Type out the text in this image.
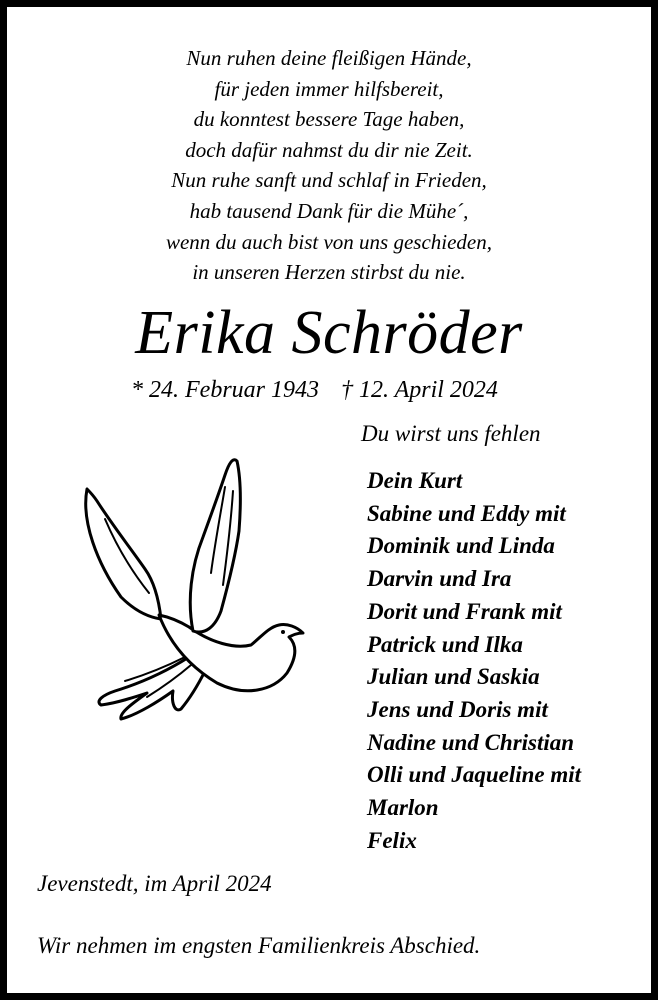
Nun ruhen deine fleißigen Hände,
für jeden immer hilfsbereit,
du konntest bessere Tage haben,
doch dafür nahmst du dir nie Zeit.
Nun ruhe sanft und schlaf in Frieden,
hab tausend Dank für die Mühe´,
wenn du auch bist von uns geschieden,
in unseren Herzen stirbst du nie.
Erika Schröder
* 24. Februar 1943 † 12. April 2024
Du wirst uns fehlen
Dein Kurt
Sabine und Eddy mit
Dominik und Linda
Darvin und Ira
Dorit und Frank mit
Patrick und Ilka
Julian und Saskia
Jens und Doris mit
Nadine und Christian
Olli und Jaqueline mit
Marlon
Felix
Jevenstedt, im April 2024
Wir nehmen im engsten Familienkreis Abschied.
